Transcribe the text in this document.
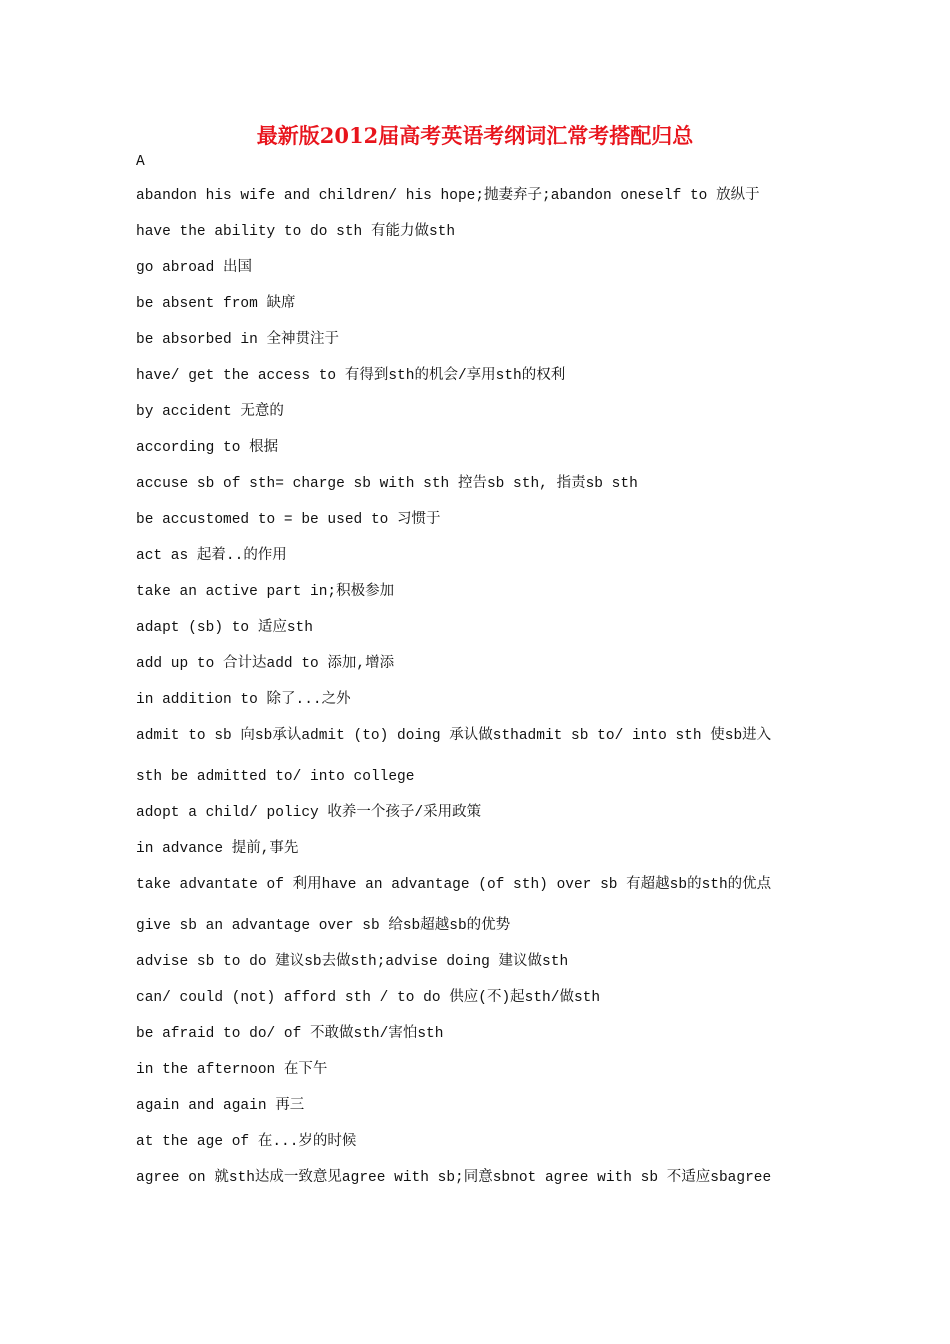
最新版2012届高考英语考纲词汇常考搭配归总

A

abandon his wife and children/ his hope;抛妻弃子;abandon oneself to 放纵于
have the ability to do sth 有能力做sth
go abroad 出国
be absent from 缺席
be absorbed in 全神贯注于
have/ get the access to 有得到sth的机会/享用sth的权利
by accident 无意的
according to 根据
accuse sb of sth= charge sb with sth 控告sb sth, 指责sb sth
be accustomed to = be used to 习惯于
act as 起着..的作用
take an active part in;积极参加
adapt (sb) to 适应sth
add up to 合计达add to 添加,增添
in addition to 除了...之外
admit to sb 向sb承认admit (to) doing 承认做sthadmit sb to/ into sth 使sb进入
sth be admitted to/ into college
adopt a child/ policy 收养一个孩子/采用政策
in advance 提前,事先
take advantate of 利用have an advantage (of sth) over sb 有超越sb的sth的优点
give sb an advantage over sb 给sb超越sb的优势
advise sb to do 建议sb去做sth;advise doing 建议做sth
can/ could (not) afford sth / to do 供应(不)起sth/做sth
be afraid to do/ of 不敢做sth/害怕sth
in the afternoon 在下午
again and again 再三
at the age of 在...岁的时候
agree on 就sth达成一致意见agree with sb;同意sbnot agree with sb 不适应sbagree
